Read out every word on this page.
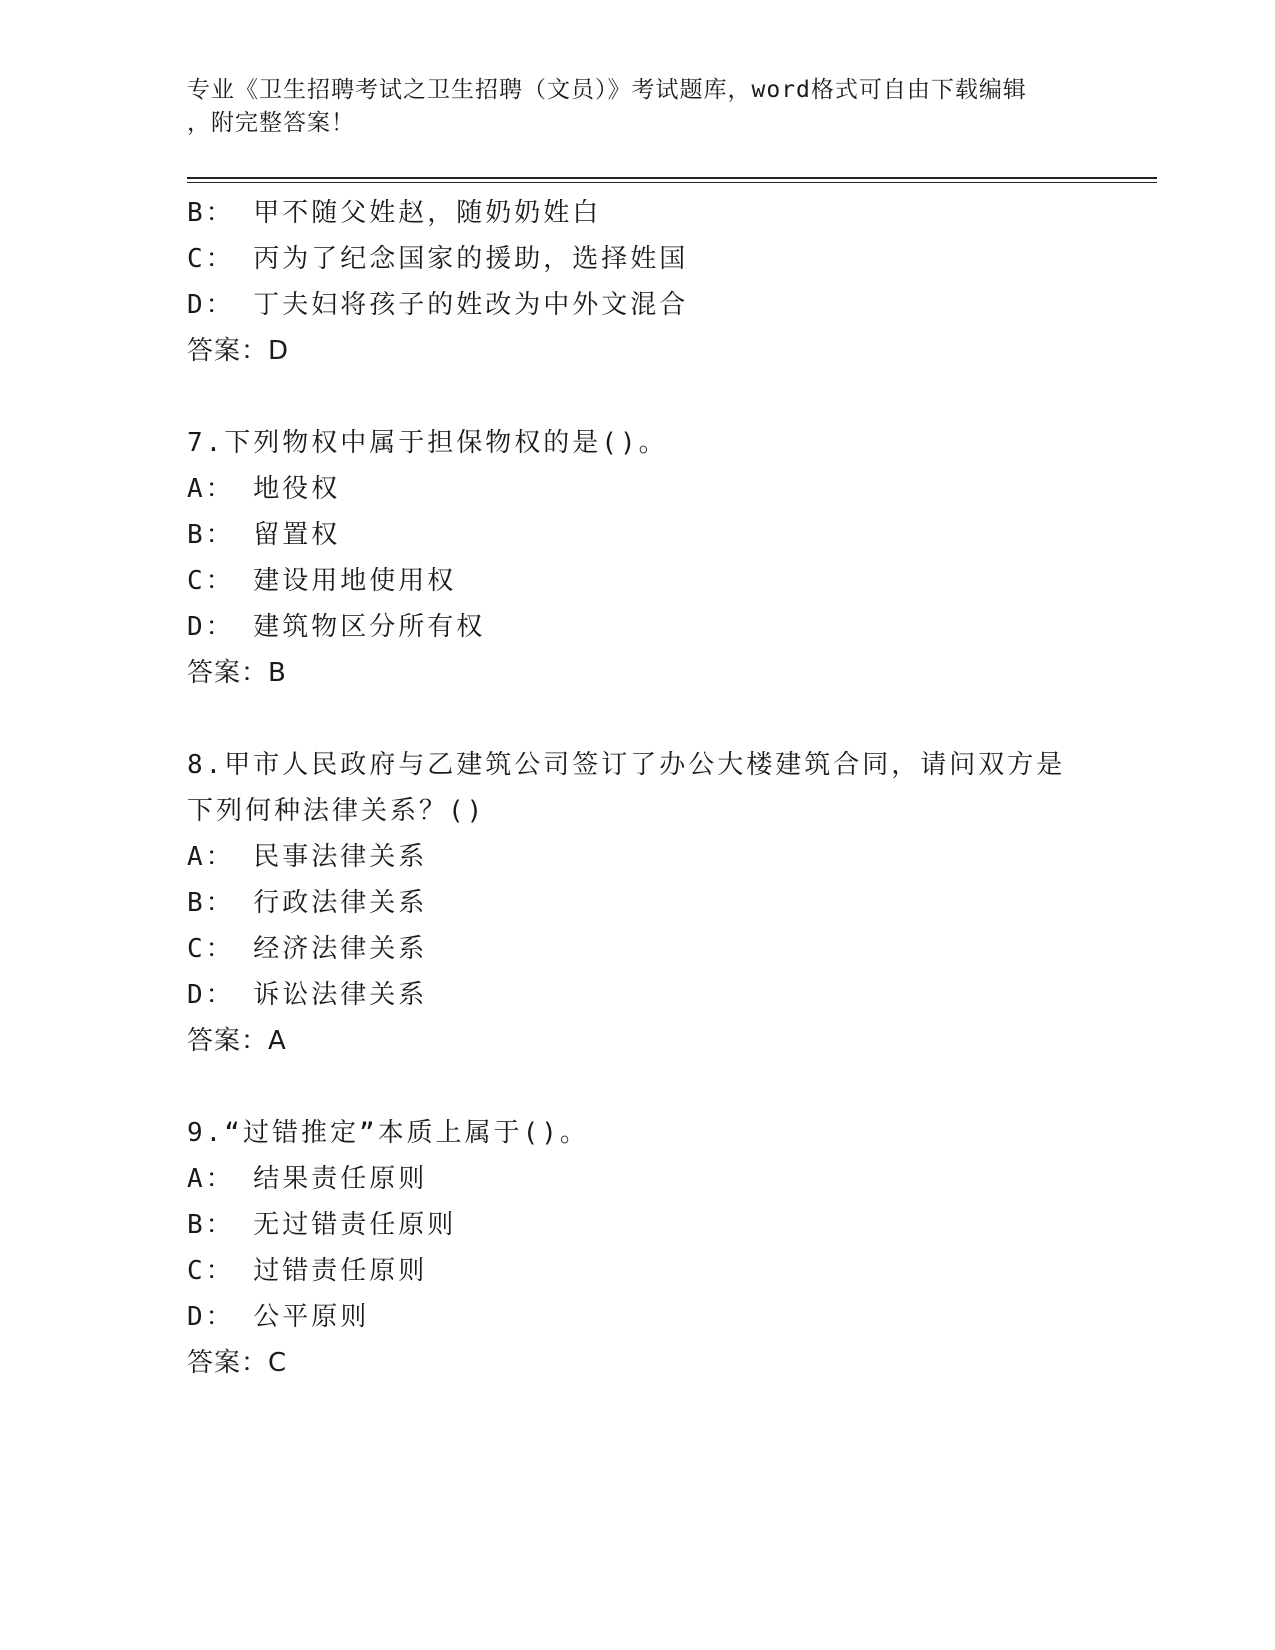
专业《卫生招聘考试之卫生招聘（文员）》考试题库，word格式可自由下载编辑
，附完整答案！
B： 甲不随父姓赵，随奶奶姓白
C： 丙为了纪念国家的援助，选择姓国
D： 丁夫妇将孩子的姓改为中外文混合
答案：D
7.下列物权中属于担保物权的是()。
A： 地役权
B： 留置权
C： 建设用地使用权
D： 建筑物区分所有权
答案：B
8.甲市人民政府与乙建筑公司签订了办公大楼建筑合同，请问双方是
下列何种法律关系？()
A： 民事法律关系
B： 行政法律关系
C： 经济法律关系
D： 诉讼法律关系
答案：A
9.“过错推定”本质上属于()。
A： 结果责任原则
B： 无过错责任原则
C： 过错责任原则
D： 公平原则
答案：C
